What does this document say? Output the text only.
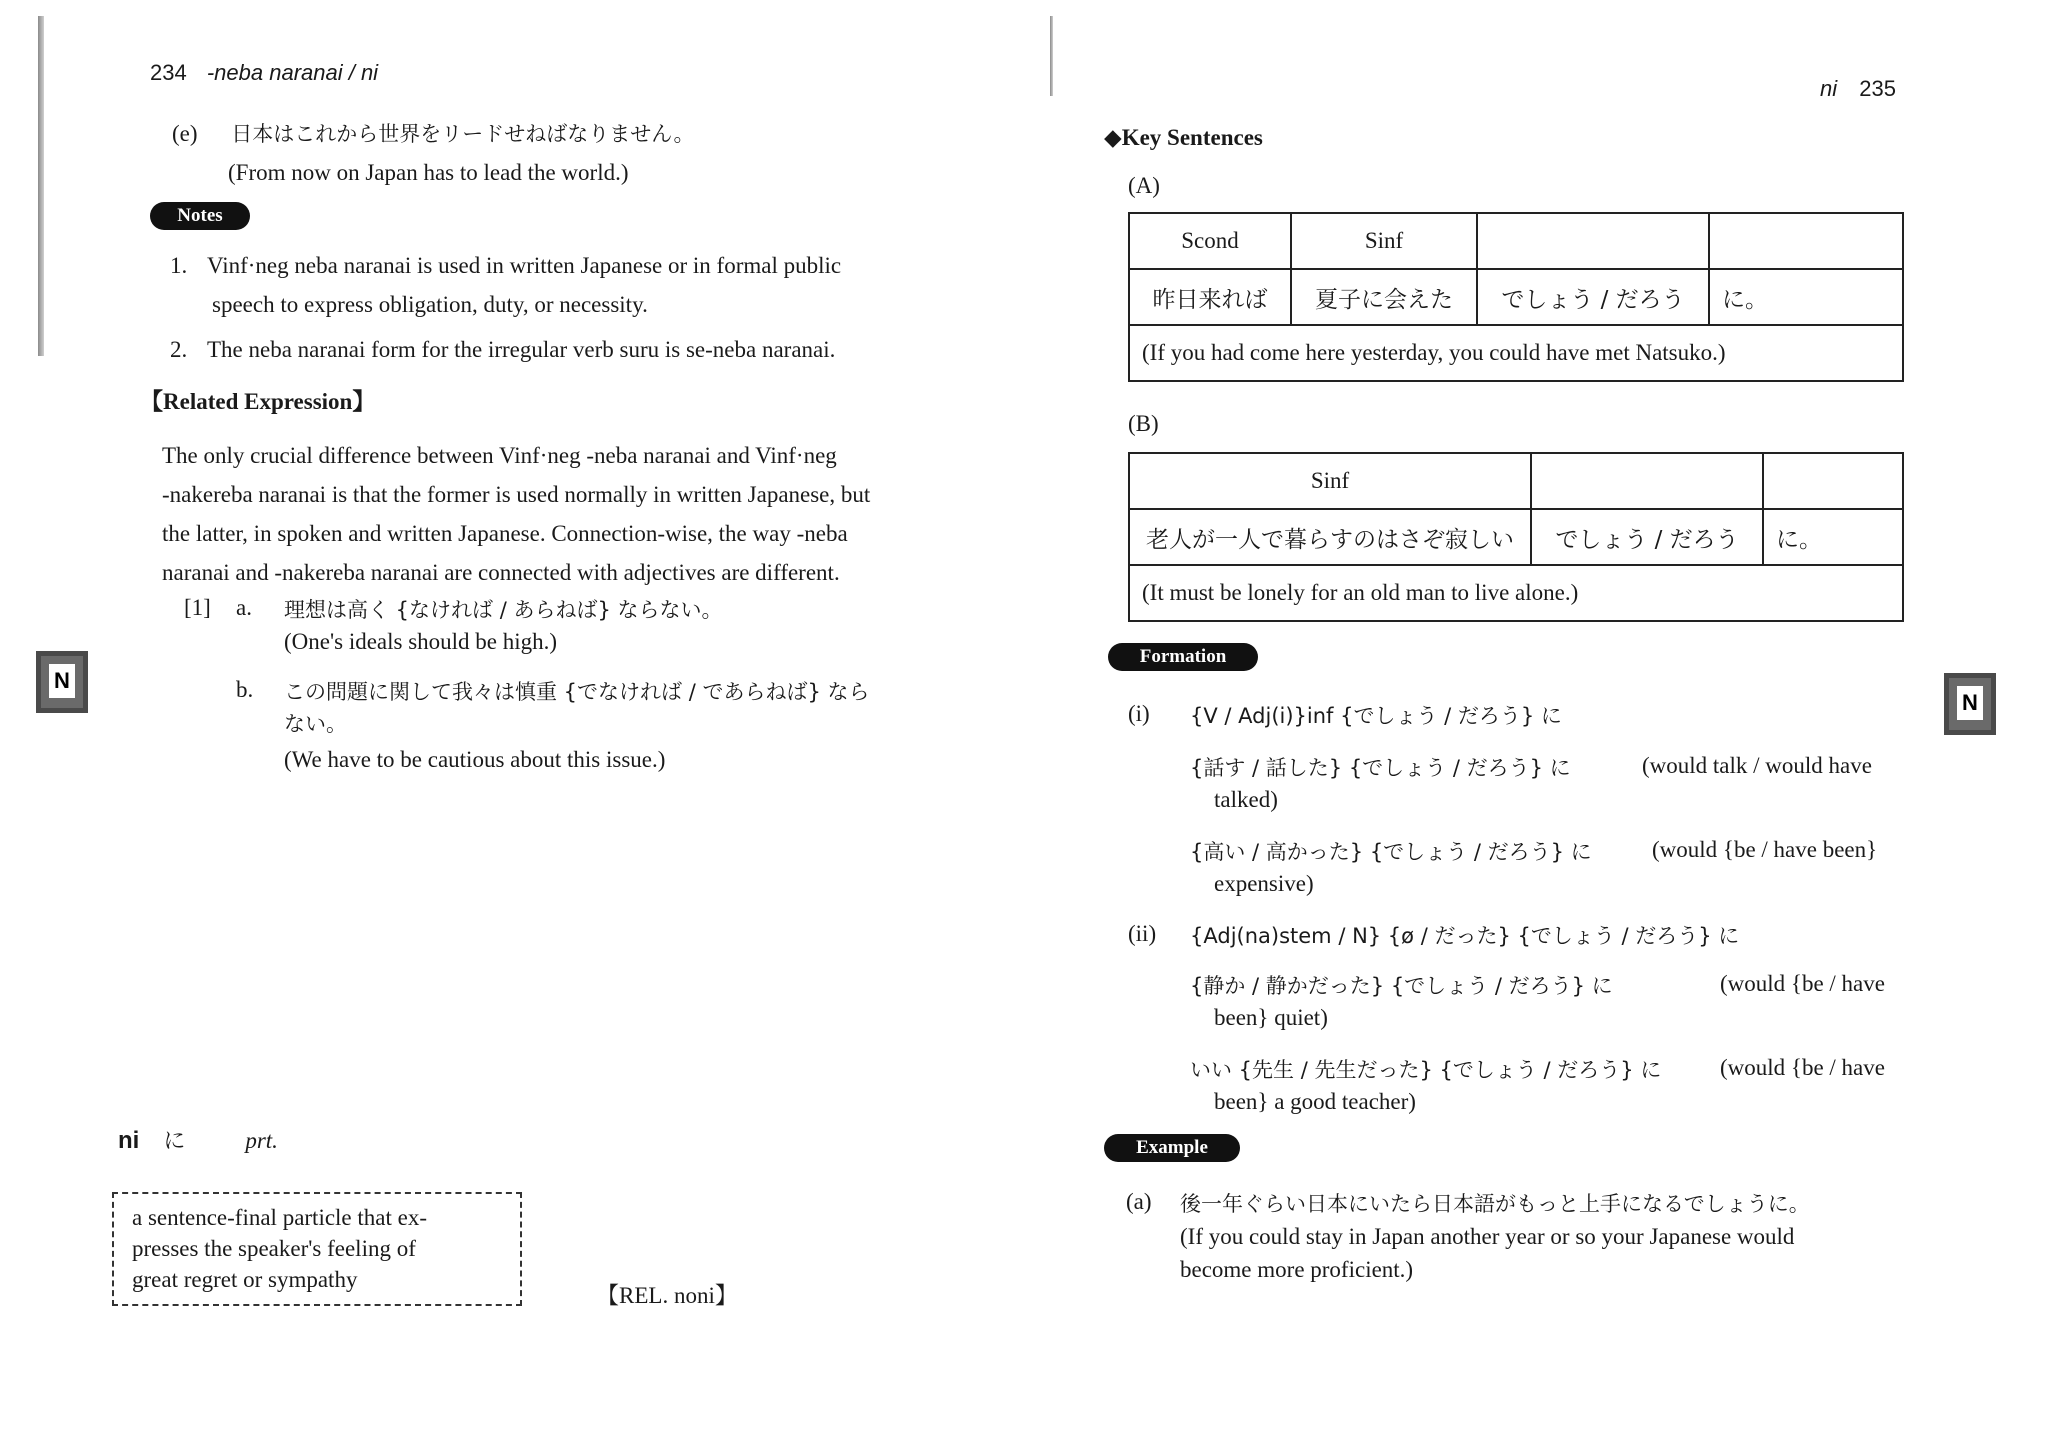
234 -neba naranai / ni
(e) 日本はこれから世界をリードせねばなりません。
(From now on Japan has to lead the world.)
Notes
1. Vinf·neg neba naranai is used in written Japanese or in formal public
speech to express obligation, duty, or necessity.
2. The neba naranai form for the irregular verb suru is se-neba naranai.
【Related Expression】
The only crucial difference between Vinf·neg -neba naranai and Vinf·neg
-nakereba naranai is that the former is used normally in written Japanese, but
the latter, in spoken and written Japanese. Connection-wise, the way -neba
naranai and -nakereba naranai are connected with adjectives are different.
[1] a. 理想は高く {なければ / あらねば} ならない。
(One's ideals should be high.)
b. この問題に関して我々は慎重 {でなければ / であらねば} なら
ない。
(We have to be cautious about this issue.)
N
ni に	prt.
a sentence-final particle that ex-
presses the speaker's feeling of
great regret or sympathy
【REL. noni】
ni 235
◆Key Sentences
(A)
Scond	Sinf		
昨日来れば	夏子に会えた	でしょう / だろう	に。
(If you had come here yesterday, you could have met Natsuko.)			
(B)
Sinf		
老人が一人で暮らすのはさぞ寂しい	でしょう / だろう	に。
(It must be lonely for an old man to live alone.)		
Formation
(i) {V / Adj(i)}inf {でしょう / だろう} に
{話す / 話した} {でしょう / だろう} に	(would talk / would have
talked)
{高い / 高かった} {でしょう / だろう} に	(would {be / have been}
expensive)
(ii) {Adj(na)stem / N} {ø / だった} {でしょう / だろう} に
{静か / 静かだった} {でしょう / だろう} に	(would {be / have
been} quiet)
いい {先生 / 先生だった} {でしょう / だろう} に	(would {be / have
been} a good teacher)
Example
(a) 後一年ぐらい日本にいたら日本語がもっと上手になるでしょうに。
(If you could stay in Japan another year or so your Japanese would
become more proficient.)
N
